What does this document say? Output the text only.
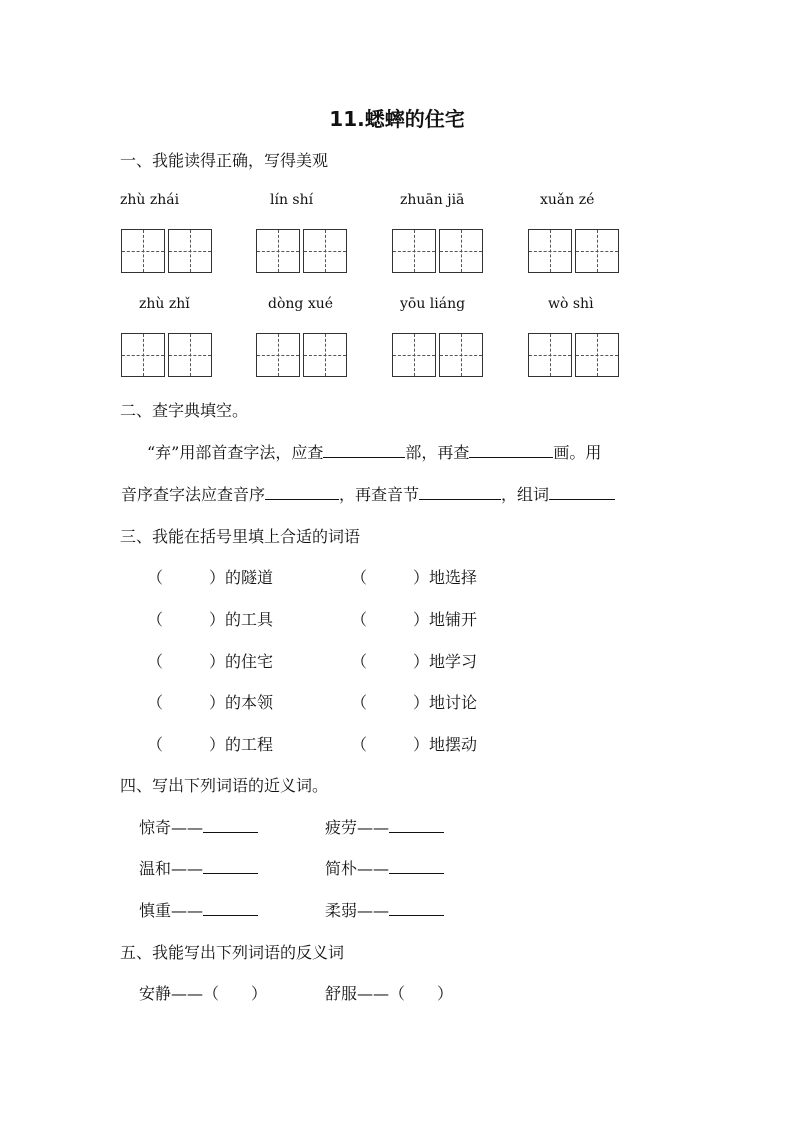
11.蟋蟀的住宅
一、我能读得正确，写得美观
zhù zhái	lín shí	zhuān jiā	xuǎn zé
zhù zhǐ	dòng xué	yōu liáng	wò shì
二、查字典填空。
“弃”用部首查字法，应查	部，再查	画。用
音序查字法应查音序	，再查音节	，组词
三、我能在括号里填上合适的词语
（	）的隧道	（	）地选择
（	）的工具	（	）地铺开
（	）的住宅	（	）地学习
（	）的本领	（	）地讨论
（	）的工程	（	）地摆动
四、写出下列词语的近义词。
惊奇——	疲劳——
温和——	简朴——
慎重——	柔弱——
五、我能写出下列词语的反义词
安静——（　　）	舒服——（　　）
